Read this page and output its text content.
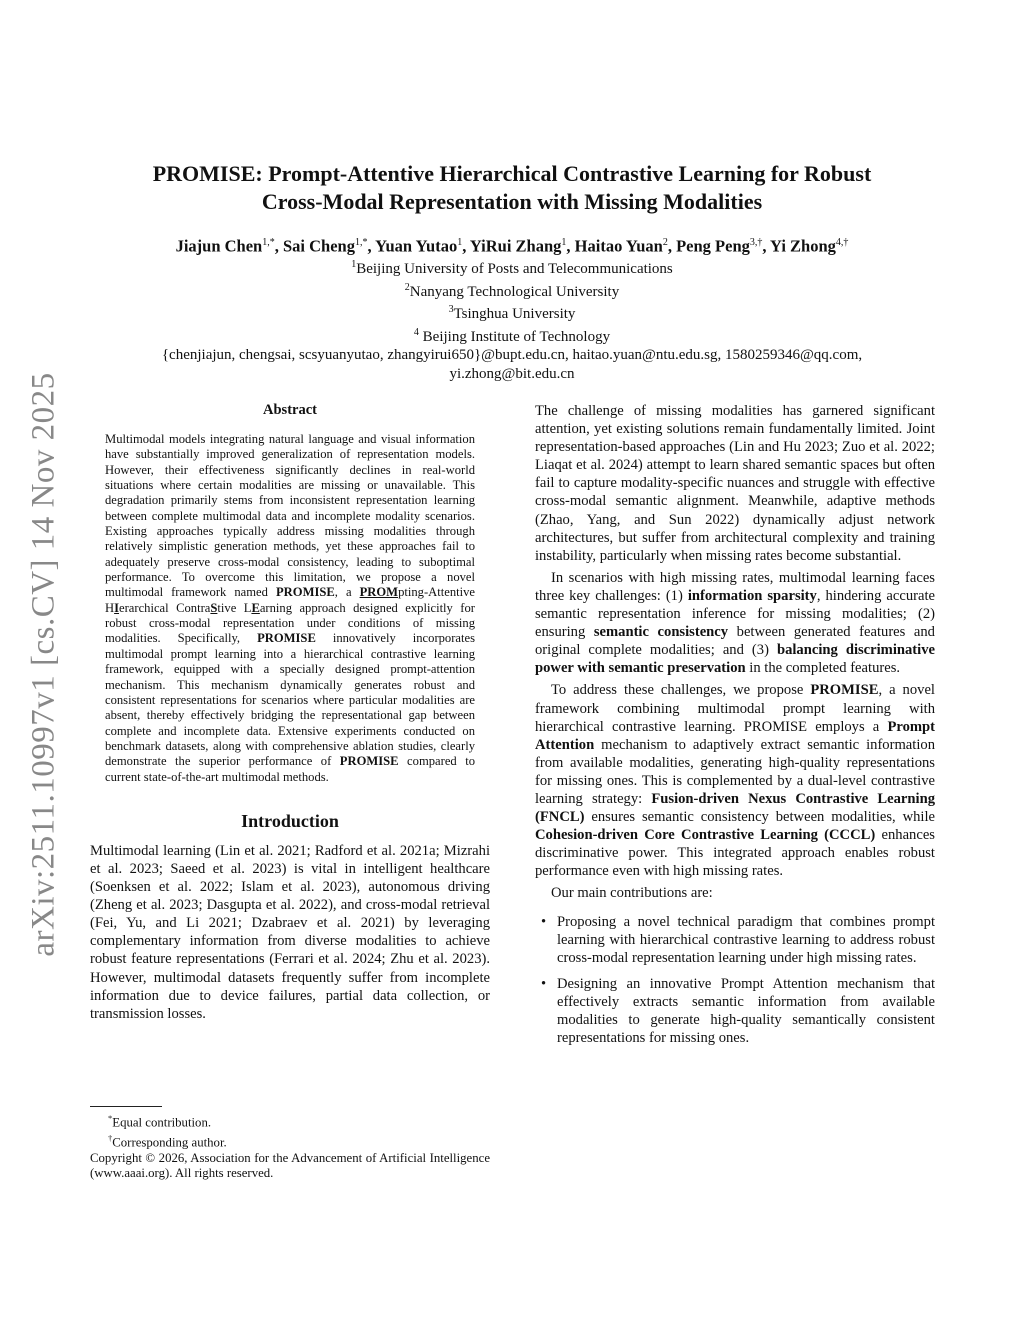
arXiv:2511.10997v1 [cs.CV] 14 Nov 2025
PROMISE: Prompt-Attentive Hierarchical Contrastive Learning for Robust
Cross-Modal Representation with Missing Modalities
Jiajun Chen$^{1,*}$, Sai Cheng$^{1,*}$, Yuan Yutao$^1$, YiRui Zhang$^1$, Haitao Yuan$^2$, Peng Peng$^{3,\dagger}$, Yi Zhong$^{4,\dagger}$
$^1$Beijing University of Posts and Telecommunications
$^2$Nanyang Technological University
$^3$Tsinghua University
$^4$ Beijing Institute of Technology
{chenjiajun, chengsai, scsyuanyutao, zhangyirui650}@bupt.edu.cn, haitao.yuan@ntu.edu.sg, 1580259346@qq.com,
yi.zhong@bit.edu.cn
Abstract
Multimodal models integrating natural language and visual information have substantially improved generalization of representation models. However, their effectiveness significantly declines in real-world situations where certain modalities are missing or unavailable. This degradation primarily stems from inconsistent representation learning between complete multimodal data and incomplete modality scenarios. Existing approaches typically address missing modalities through relatively simplistic generation methods, yet these approaches fail to adequately preserve cross-modal consistency, leading to suboptimal performance. To overcome this limitation, we propose a novel multimodal framework named PROMISE, a PROMpting-Attentive HIerarchical ContraStive LEarning approach designed explicitly for robust cross-modal representation under conditions of missing modalities. Specifically, PROMISE innovatively incorporates multimodal prompt learning into a hierarchical contrastive learning framework, equipped with a specially designed prompt-attention mechanism. This mechanism dynamically generates robust and consistent representations for scenarios where particular modalities are absent, thereby effectively bridging the representational gap between complete and incomplete data. Extensive experiments conducted on benchmark datasets, along with comprehensive ablation studies, clearly demonstrate the superior performance of PROMISE compared to current state-of-the-art multimodal methods.
Introduction

Multimodal learning (Lin et al. 2021; Radford et al. 2021a; Mizrahi et al. 2023; Saeed et al. 2023) is vital in intelligent healthcare (Soenksen et al. 2022; Islam et al. 2023), autonomous driving (Zheng et al. 2023; Dasgupta et al. 2022), and cross-modal retrieval (Fei, Yu, and Li 2021; Dzabraev et al. 2021) by leveraging complementary information from diverse modalities to achieve robust feature representations (Ferrari et al. 2024; Zhu et al. 2023). However, multimodal datasets frequently suffer from incomplete information due to device failures, partial data collection, or transmission losses.

*Equal contribution.
†Corresponding author.
Copyright © 2026, Association for the Advancement of Artificial Intelligence (www.aaai.org). All rights reserved.

The challenge of missing modalities has garnered significant attention, yet existing solutions remain fundamentally limited. Joint representation-based approaches (Lin and Hu 2023; Zuo et al. 2022; Liaqat et al. 2024) attempt to learn shared semantic spaces but often fail to capture modality-specific nuances and struggle with effective cross-modal semantic alignment. Meanwhile, adaptive methods (Zhao, Yang, and Sun 2022) dynamically adjust network architectures, but suffer from architectural complexity and training instability, particularly when missing rates become substantial.

In scenarios with high missing rates, multimodal learning faces three key challenges: (1) information sparsity, hindering accurate semantic representation inference for missing modalities; (2) ensuring semantic consistency between generated features and original complete modalities; and (3) balancing discriminative power with semantic preservation in the completed features.

To address these challenges, we propose PROMISE, a novel framework combining multimodal prompt learning with hierarchical contrastive learning. PROMISE employs a Prompt Attention mechanism to adaptively extract semantic information from available modalities, generating high-quality representations for missing ones. This is complemented by a dual-level contrastive learning strategy: Fusion-driven Nexus Contrastive Learning (FNCL) ensures semantic consistency between modalities, while Cohesion-driven Core Contrastive Learning (CCCL) enhances discriminative power. This integrated approach enables robust performance even with high missing rates.

Our main contributions are:

• Proposing a novel technical paradigm that combines prompt learning with hierarchical contrastive learning to address robust cross-modal representation learning under high missing rates.
• Designing an innovative Prompt Attention mechanism that effectively extracts semantic information from available modalities to generate high-quality semantically consistent representations for missing ones.
